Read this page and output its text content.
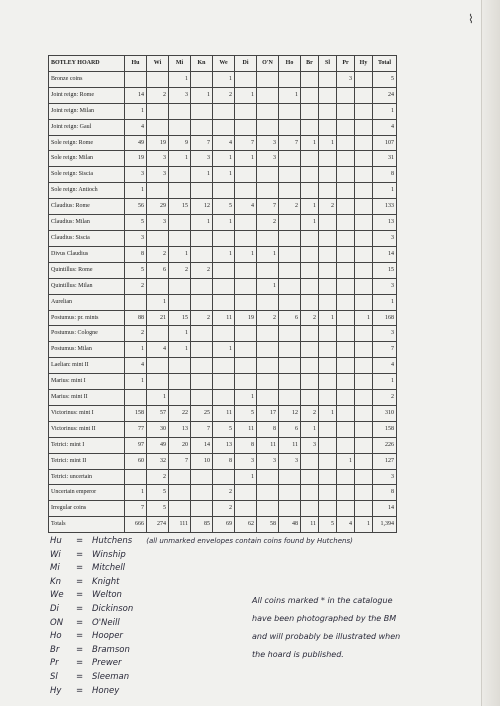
⌇
BOTLEY HOARD	Hu	Wi	Mi	Kn	We	Di	O'N	Ho	Br	Sl	Pr	Hy	Total
Bronze coins			1		1						3		5
Joint reign: Rome	14	2	3	1	2	1		1					24
Joint reign: Milan	1												1
Joint reign: Gaul	4												4
Sole reign: Rome	49	19	9	7	4	7	3	7	1	1			107
Sole reign: Milan	19	3	1	3	1	1	3						31
Sole reign: Siscia	3	3		1	1								8
Sole reign: Antioch	1												1
Claudius: Rome	56	29	15	12	5	4	7	2	1	2			133
Claudius: Milan	5	3		1	1		2		1				13
Claudius: Siscia	3												3
Divus Claudius	8	2	1		1	1	1						14
Quintillus: Rome	5	6	2	2									15
Quintillus: Milan	2						1						3
Aurelian		1											1
Postumus: pr. mints	88	21	15	2	11	19	2	6	2	1		1	168
Postumus: Cologne	2		1										3
Postumus: Milan	1	4	1		1								7
Laelian: mint II	4												4
Marius: mint I	1												1
Marius: mint II		1				1							2
Victorinus: mint I	158	57	22	25	11	5	17	12	2	1			310
Victorinus: mint II	77	30	13	7	5	11	8	6	1				158
Tetrici: mint I	97	49	20	14	13	8	11	11	3				226
Tetrici: mint II	60	32	7	10	8	3	3	3			1		127
Tetrici: uncertain		2				1							3
Uncertain emperor	1	5			2								8
Irregular coins	7	5			2								14
Totals	666	274	111	85	69	62	58	48	11	5	4	1	1,394
Hu = Hutchens (all unmarked envelopes contain coins found by Hutchens)
Wi = Winship
Mi = Mitchell
Kn = Knight
We = Welton
Di = Dickinson
ON = O'Neill
Ho = Hooper
Br = Bramson
Pr = Prewer
Sl = Sleeman
Hy = Honey
All coins marked * in the catalogue
have been photographed by the BM
and will probably be illustrated when
the hoard is published.
